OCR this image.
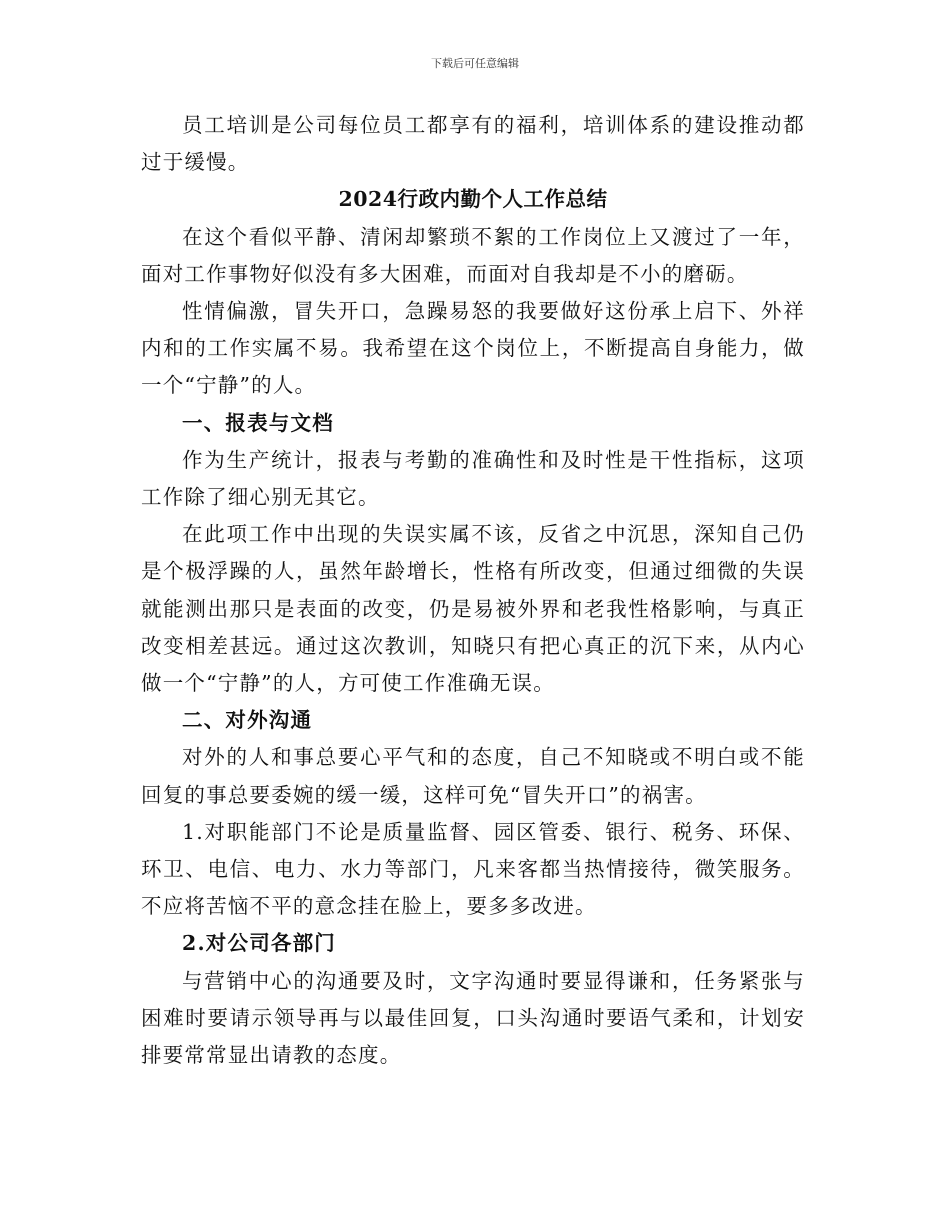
下载后可任意编辑

员工培训是公司每位员工都享有的福利，培训体系的建设推动都过于缓慢。

2024行政内勤个人工作总结

在这个看似平静、清闲却繁琐不絮的工作岗位上又渡过了一年，面对工作事物好似没有多大困难，而面对自我却是不小的磨砺。

性情偏激，冒失开口，急躁易怒的我要做好这份承上启下、外祥内和的工作实属不易。我希望在这个岗位上，不断提高自身能力，做一个“宁静”的人。

一、报表与文档

作为生产统计，报表与考勤的准确性和及时性是干性指标，这项工作除了细心别无其它。

在此项工作中出现的失误实属不该，反省之中沉思，深知自己仍是个极浮躁的人，虽然年龄增长，性格有所改变，但通过细微的失误就能测出那只是表面的改变，仍是易被外界和老我性格影响，与真正改变相差甚远。通过这次教训，知晓只有把心真正的沉下来，从内心做一个“宁静”的人，方可使工作准确无误。

二、对外沟通

对外的人和事总要心平气和的态度，自己不知晓或不明白或不能回复的事总要委婉的缓一缓，这样可免“冒失开口”的祸害。

1.对职能部门不论是质量监督、园区管委、银行、税务、环保、环卫、电信、电力、水力等部门，凡来客都当热情接待，微笑服务。不应将苦恼不平的意念挂在脸上，要多多改进。

2.对公司各部门

与营销中心的沟通要及时，文字沟通时要显得谦和，任务紧张与困难时要请示领导再与以最佳回复，口头沟通时要语气柔和，计划安排要常常显出请教的态度。
